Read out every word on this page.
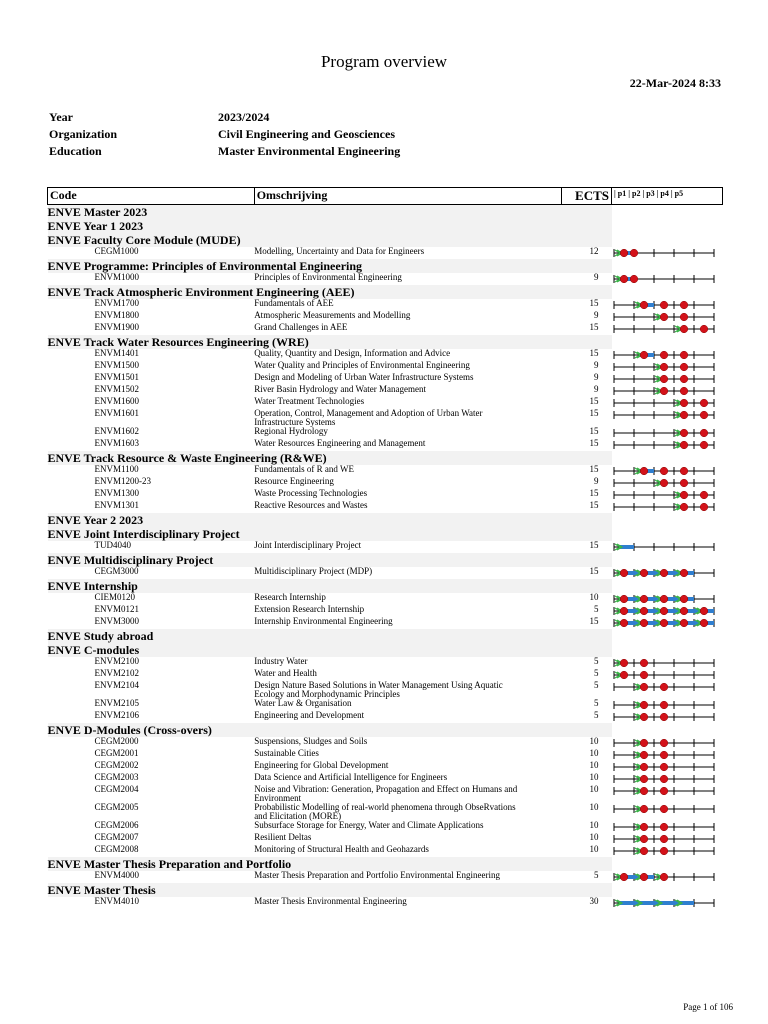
Program overview
22-Mar-2024 8:33
Year	2023/2024
Organization	Civil Engineering and Geosciences
Education	Master Environmental Engineering
Code	Omschrijving	ECTS	| p1 | p2 | p3 | p4 | p5
ENVE Master 2023			
ENVE Year 1 2023			
ENVE Faculty Core Module (MUDE)			
CEGM1000	Modelling, Uncertainty and Data for Engineers	12	

ENVE Programme: Principles of Environmental Engineering			
ENVM1000	Principles of Environmental Engineering	9	

ENVE Track Atmospheric Environment Engineering (AEE)			
ENVM1700	Fundamentals of AEE	15	

ENVM1800	Atmospheric Measurements and Modelling	9	

ENVM1900	Grand Challenges in AEE	15	

ENVE Track Water Resources Engineering (WRE)			
ENVM1401	Quality, Quantity and Design, Information and Advice	15	

ENVM1500	Water Quality and Principles of Environmental Engineering	9	

ENVM1501	Design and Modeling of Urban Water Infrastructure Systems	9	

ENVM1502	River Basin Hydrology and Water Management	9	

ENVM1600	Water Treatment Technologies	15	

ENVM1601	Operation, Control, Management and Adoption of Urban Water
Infrastructure Systems	15	

ENVM1602	Regional Hydrology	15	

ENVM1603	Water Resources Engineering and Management	15	

ENVE Track Resource & Waste Engineering (R&WE)			
ENVM1100	Fundamentals of R and WE	15	

ENVM1200-23	Resource Engineering	9	

ENVM1300	Waste Processing Technologies	15	

ENVM1301	Reactive Resources and Wastes	15	

ENVE Year 2 2023			
ENVE Joint Interdisciplinary Project			
TUD4040	Joint Interdisciplinary Project	15	

ENVE Multidisciplinary Project			
CEGM3000	Multidisciplinary Project (MDP)	15	

ENVE Internship			
CIEM0120	Research Internship	10	

ENVM0121	Extension Research Internship	5	

ENVM3000	Internship Environmental Engineering	15	

ENVE Study abroad			
ENVE C-modules			
ENVM2100	Industry Water	5	

ENVM2102	Water and Health	5	

ENVM2104	Design Nature Based Solutions in Water Management Using Aquatic
Ecology and Morphodynamic Principles	5	

ENVM2105	Water Law & Organisation	5	

ENVM2106	Engineering and Development	5	

ENVE D-Modules (Cross-overs)			
CEGM2000	Suspensions, Sludges and Soils	10	

CEGM2001	Sustainable Cities	10	

CEGM2002	Engineering for Global Development	10	

CEGM2003	Data Science and Artificial Intelligence for Engineers	10	

CEGM2004	Noise and Vibration: Generation, Propagation and Effect on Humans and
Environment	10	

CEGM2005	Probabilistic Modelling of real-world phenomena through ObseRvations
and Elicitation (MORE)	10	

CEGM2006	Subsurface Storage for Energy, Water and Climate Applications	10	

CEGM2007	Resilient Deltas	10	

CEGM2008	Monitoring of Structural Health and Geohazards	10	

ENVE Master Thesis Preparation and Portfolio			
ENVM4000	Master Thesis Preparation and Portfolio Environmental Engineering	5	

ENVE Master Thesis			
ENVM4010	Master Thesis Environmental Engineering	30	
Page 1 of 106
